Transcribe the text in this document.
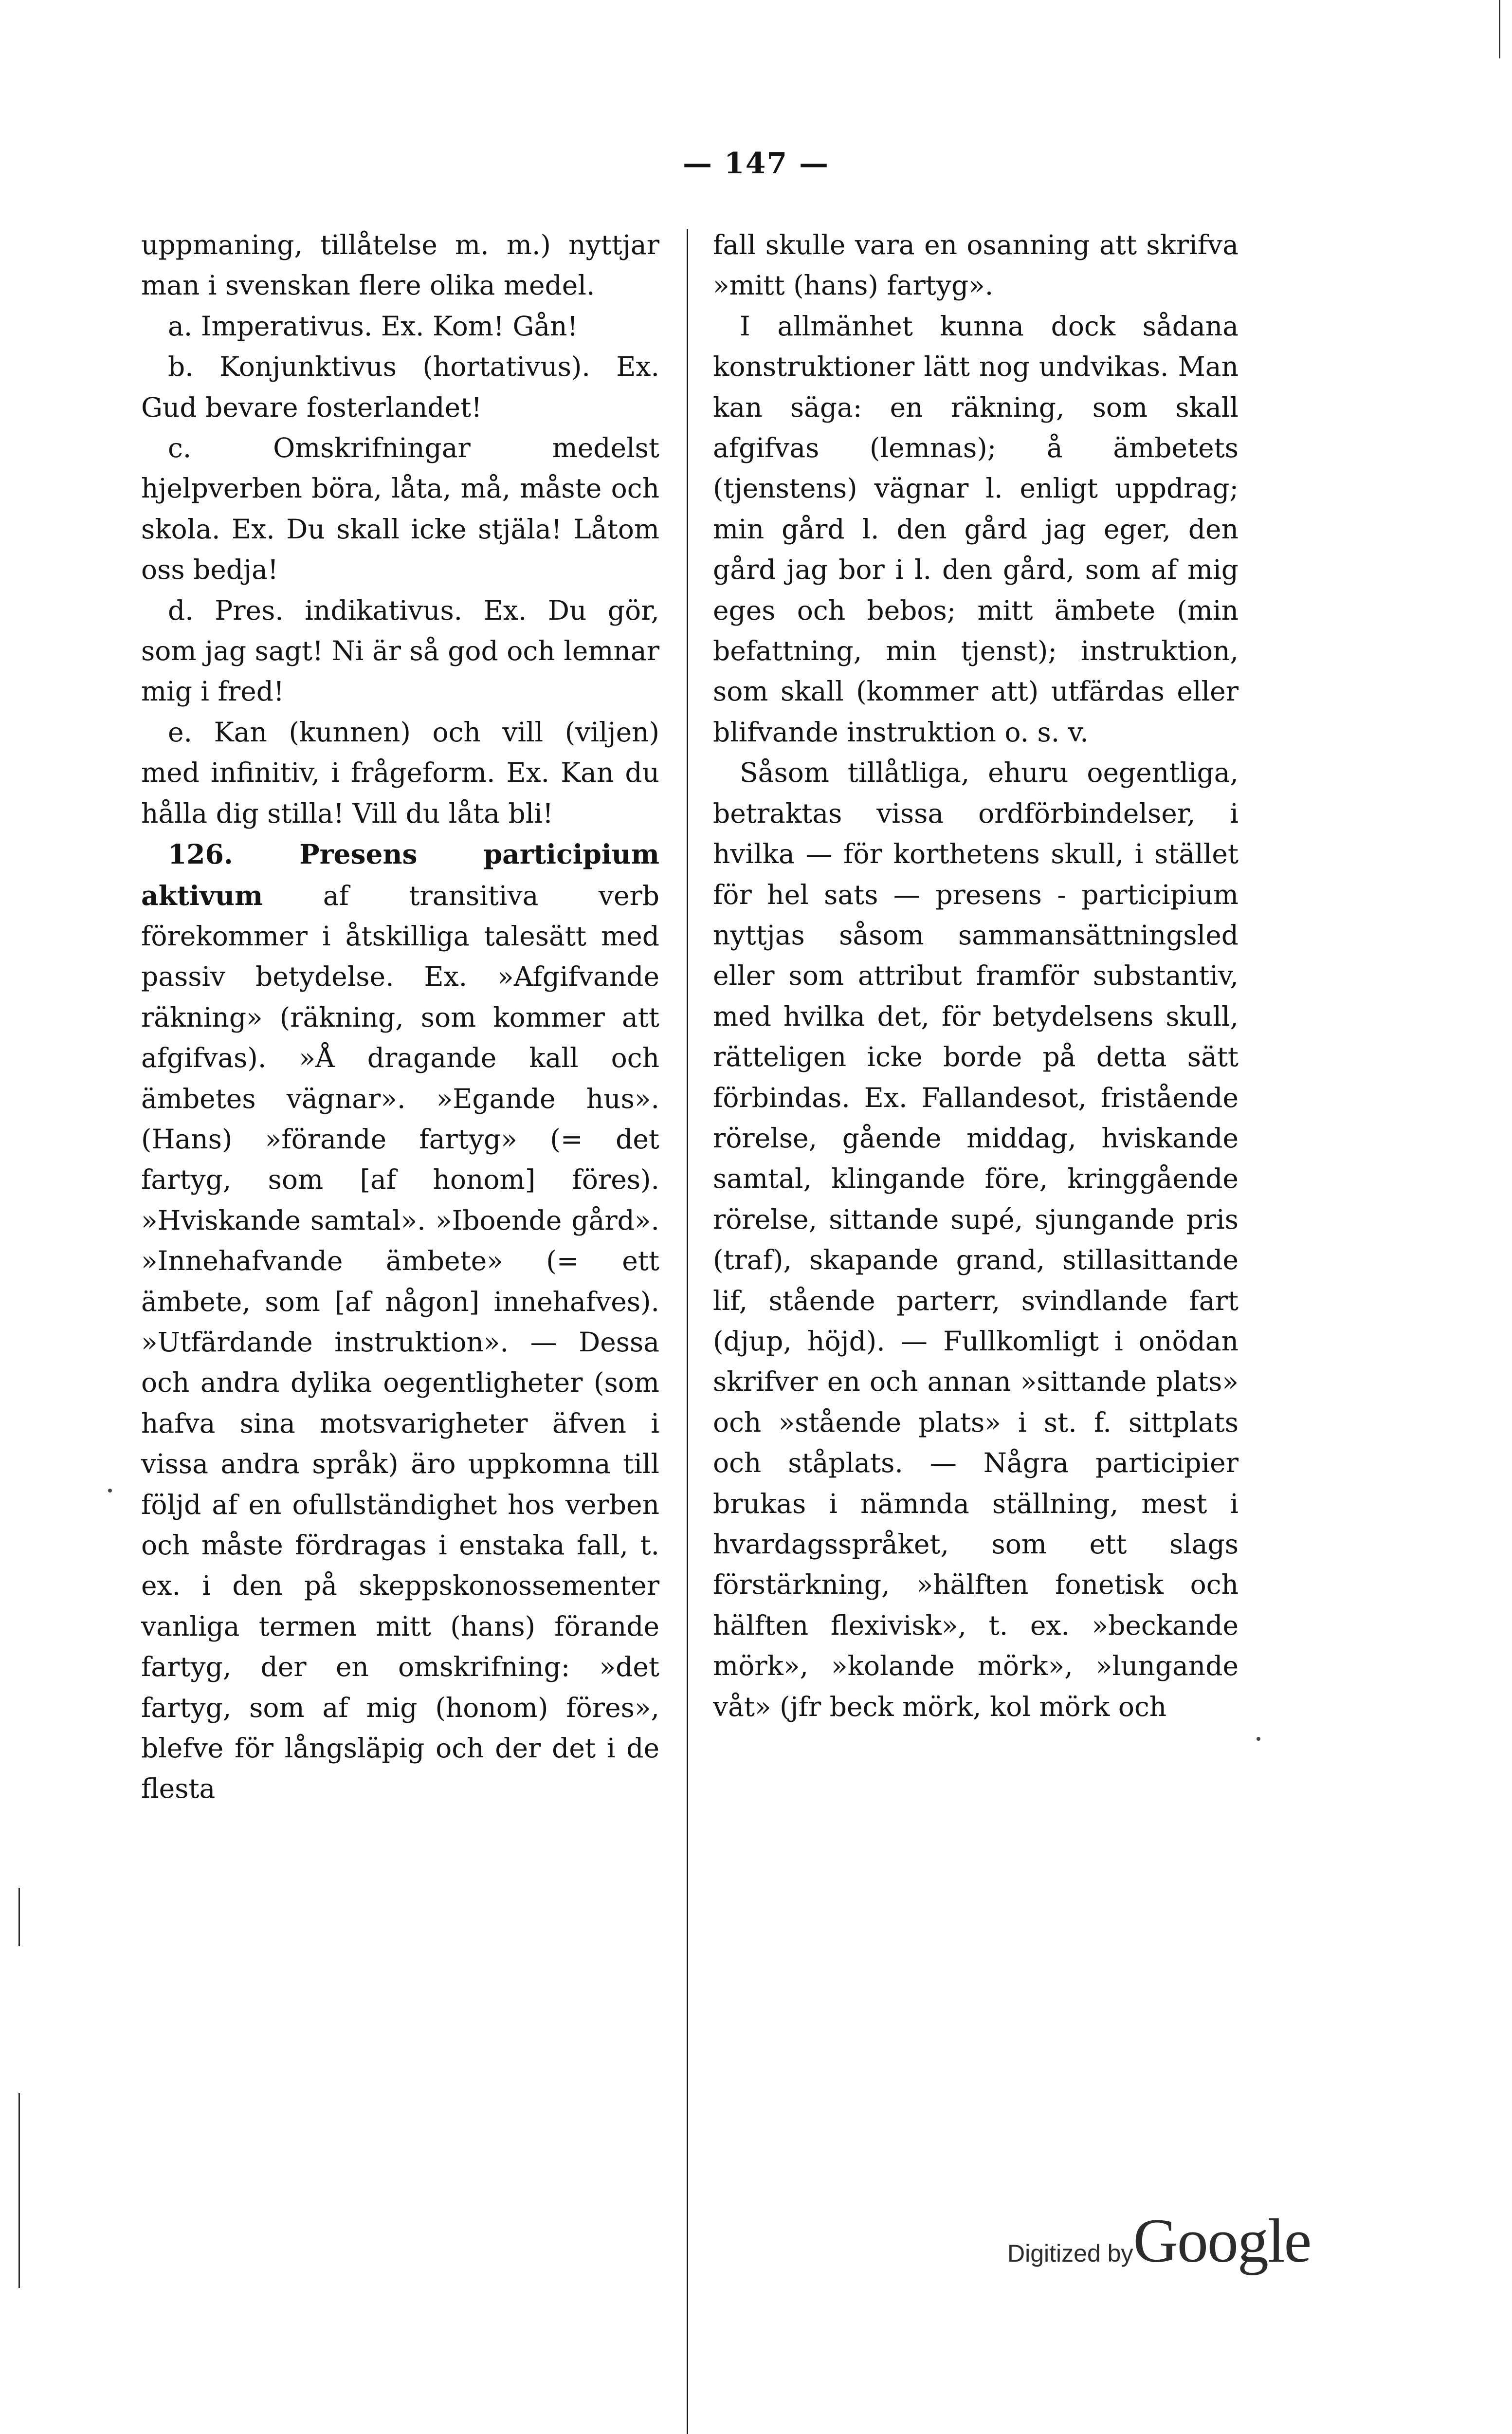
— 147 —

uppmaning, tillåtelse m. m.) nyttjar man i svenskan flere olika medel.

a. Imperativus. Ex. Kom! Gån!

b. Konjunktivus (hortativus). Ex. Gud bevare fosterlandet!

c. Omskrifningar medelst hjelpverben böra, låta, må, måste och skola. Ex. Du skall icke stjäla! Låtom oss bedja!

d. Pres. indikativus. Ex. Du gör, som jag sagt! Ni är så god och lemnar mig i fred!

e. Kan (kunnen) och vill (viljen) med infinitiv, i frågeform. Ex. Kan du hålla dig stilla! Vill du låta bli!

126. Presens participium aktivum af transitiva verb förekommer i åtskilliga talesätt med passiv betydelse. Ex. »Afgifvande räkning» (räkning, som kommer att afgifvas). »Å dragande kall och ämbetes vägnar». »Egande hus». (Hans) »förande fartyg» (= det fartyg, som [af honom] föres). »Hviskande samtal». »Iboende gård». »Innehafvande ämbete» (= ett ämbete, som [af någon] innehafves). »Utfärdande instruktion». — Dessa och andra dylika oegentligheter (som hafva sina motsvarigheter äfven i vissa andra språk) äro uppkomna till följd af en ofullständighet hos verben och måste fördragas i enstaka fall, t. ex. i den på skeppskonossementer vanliga termen mitt (hans) förande fartyg, der en omskrifning: »det fartyg, som af mig (honom) föres», blefve för långsläpig och der det i de flesta

fall skulle vara en osanning att skrifva »mitt (hans) fartyg».

I allmänhet kunna dock sådana konstruktioner lätt nog undvikas. Man kan säga: en räkning, som skall afgifvas (lemnas); å ämbetets (tjenstens) vägnar l. enligt uppdrag; min gård l. den gård jag eger, den gård jag bor i l. den gård, som af mig eges och bebos; mitt ämbete (min befattning, min tjenst); instruktion, som skall (kommer att) utfärdas eller blifvande instruktion o. s. v.

Såsom tillåtliga, ehuru oegentliga, betraktas vissa ordförbindelser, i hvilka — för korthetens skull, i stället för hel sats — presens - participium nyttjas såsom sammansättningsled eller som attribut framför substantiv, med hvilka det, för betydelsens skull, rätteligen icke borde på detta sätt förbindas. Ex. Fallandesot, fristående rörelse, gående middag, hviskande samtal, klingande före, kringgående rörelse, sittande supé, sjungande pris (traf), skapande grand, stillasittande lif, stående parterr, svindlande fart (djup, höjd). — Fullkomligt i onödan skrifver en och annan »sittande plats» och »stående plats» i st. f. sittplats och ståplats. — Några participier brukas i nämnda ställning, mest i hvardagsspråket, som ett slags förstärkning, »hälften fonetisk och hälften flexivisk», t. ex. »beckande mörk», »kolande mörk», »lungande våt» (jfr beck mörk, kol mörk och

Digitized byGoogle
